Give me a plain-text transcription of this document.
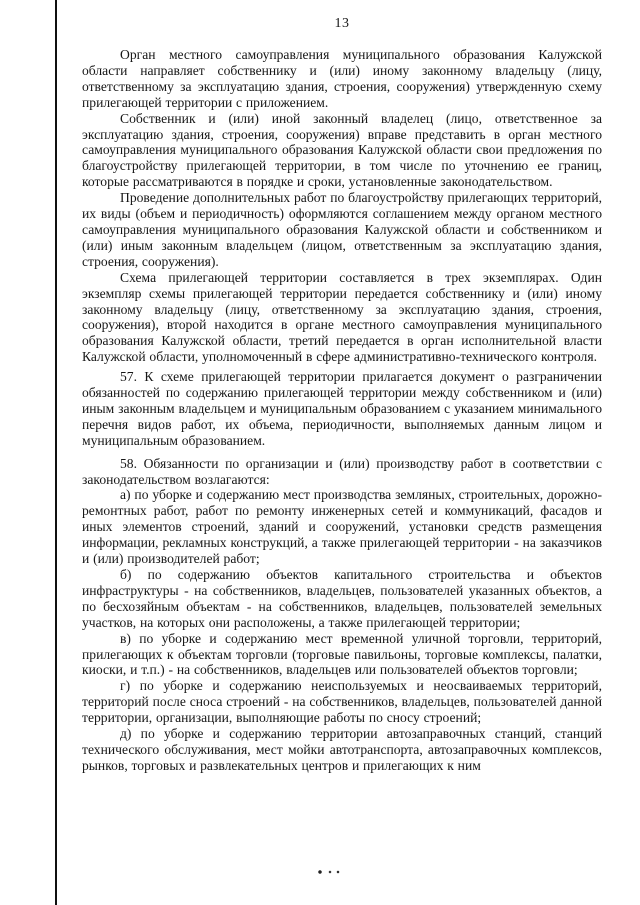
13

Орган местного самоуправления муниципального образования Калужской области направляет собственнику и (или) иному законному владельцу (лицу, ответственному за эксплуатацию здания, строения, сооружения) утвержденную схему прилегающей территории с приложением.

Собственник и (или) иной законный владелец (лицо, ответственное за эксплуатацию здания, строения, сооружения) вправе представить в орган местного самоуправления муниципального образования Калужской области свои предложения по благоустройству прилегающей территории, в том числе по уточнению ее границ, которые рассматриваются в порядке и сроки, установленные законодательством.

Проведение дополнительных работ по благоустройству прилегающих территорий, их виды (объем и периодичность) оформляются соглашением между органом местного самоуправления муниципального образования Калужской области и собственником и (или) иным законным владельцем (лицом, ответственным за эксплуатацию здания, строения, сооружения).

Схема прилегающей территории составляется в трех экземплярах. Один экземпляр схемы прилегающей территории передается собственнику и (или) иному законному владельцу (лицу, ответственному за эксплуатацию здания, строения, сооружения), второй находится в органе местного самоуправления муниципального образования Калужской области, третий передается в орган исполнительной власти Калужской области, уполномоченный в сфере административно-технического контроля.

57. К схеме прилегающей территории прилагается документ о разграничении обязанностей по содержанию прилегающей территории между собственником и (или) иным законным владельцем и муниципальным образованием с указанием минимального перечня видов работ, их объема, периодичности, выполняемых данным лицом и муниципальным образованием.

58. Обязанности по организации и (или) производству работ в соответствии с законодательством возлагаются:

а) по уборке и содержанию мест производства земляных, строительных, дорожно-ремонтных работ, работ по ремонту инженерных сетей и коммуникаций, фасадов и иных элементов строений, зданий и сооружений, установки средств размещения информации, рекламных конструкций, а также прилегающей территории - на заказчиков и (или) производителей работ;

б) по содержанию объектов капитального строительства и объектов инфраструктуры - на собственников, владельцев, пользователей указанных объектов, а по бесхозяйным объектам - на собственников, владельцев, пользователей земельных участков, на которых они расположены, а также прилегающей территории;

в) по уборке и содержанию мест временной уличной торговли, территорий, прилегающих к объектам торговли (торговые павильоны, торговые комплексы, палатки, киоски, и т.п.) - на собственников, владельцев или пользователей объектов торговли;

г) по уборке и содержанию неиспользуемых и неосваиваемых территорий, территорий после сноса строений - на собственников, владельцев, пользователей данной территории, организации, выполняющие работы по сносу строений;

д) по уборке и содержанию территории автозаправочных станций, станций технического обслуживания, мест мойки автотранспорта, автозаправочных комплексов, рынков, торговых и развлекательных центров и прилегающих к ним
